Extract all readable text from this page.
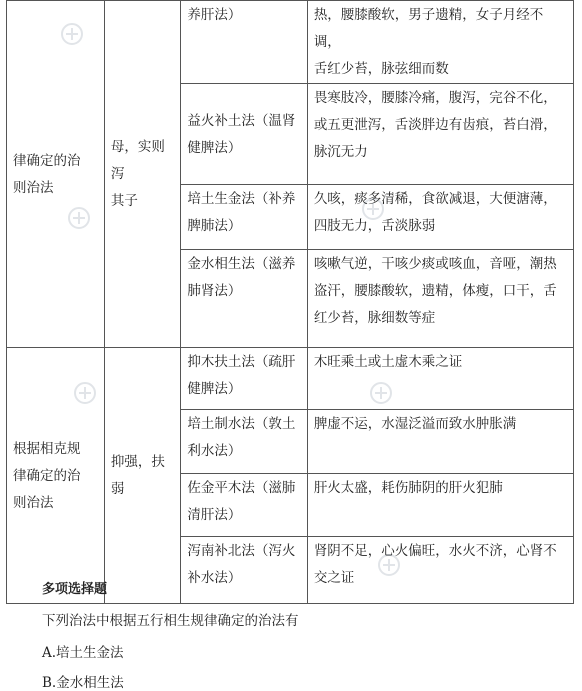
律确定的治
则治法	母，实则泻
其子	养肝法）	热，腰膝酸软，男子遗精，女子月经不调，
舌红少苔，脉弦细而数
		益火补土法（温肾
健脾法）	畏寒肢冷，腰膝冷痛，腹泻，完谷不化，
或五更泄泻，舌淡胖边有齿痕，苔白滑，
脉沉无力
		培土生金法（补养
脾肺法）	久咳，痰多清稀，食欲减退，大便溏薄，
四肢无力，舌淡脉弱
		金水相生法（滋养
肺肾法）	咳嗽气逆，干咳少痰或咳血，音哑，潮热
盗汗，腰膝酸软，遗精，体瘦，口干，舌
红少苔，脉细数等症
根据相克规
律确定的治
则治法	抑强，扶弱	抑木扶土法（疏肝
健脾法）	木旺乘土或土虚木乘之证
		培土制水法（敦土
利水法）	脾虚不运，水湿泛溢而致水肿胀满
		佐金平木法（滋肺
清肝法）	肝火太盛，耗伤肺阴的肝火犯肺
		泻南补北法（泻火
补水法）	肾阴不足，心火偏旺，水火不济，心肾不
交之证
多项选择题
下列治法中根据五行相生规律确定的治法有
A.培土生金法
B.金水相生法
